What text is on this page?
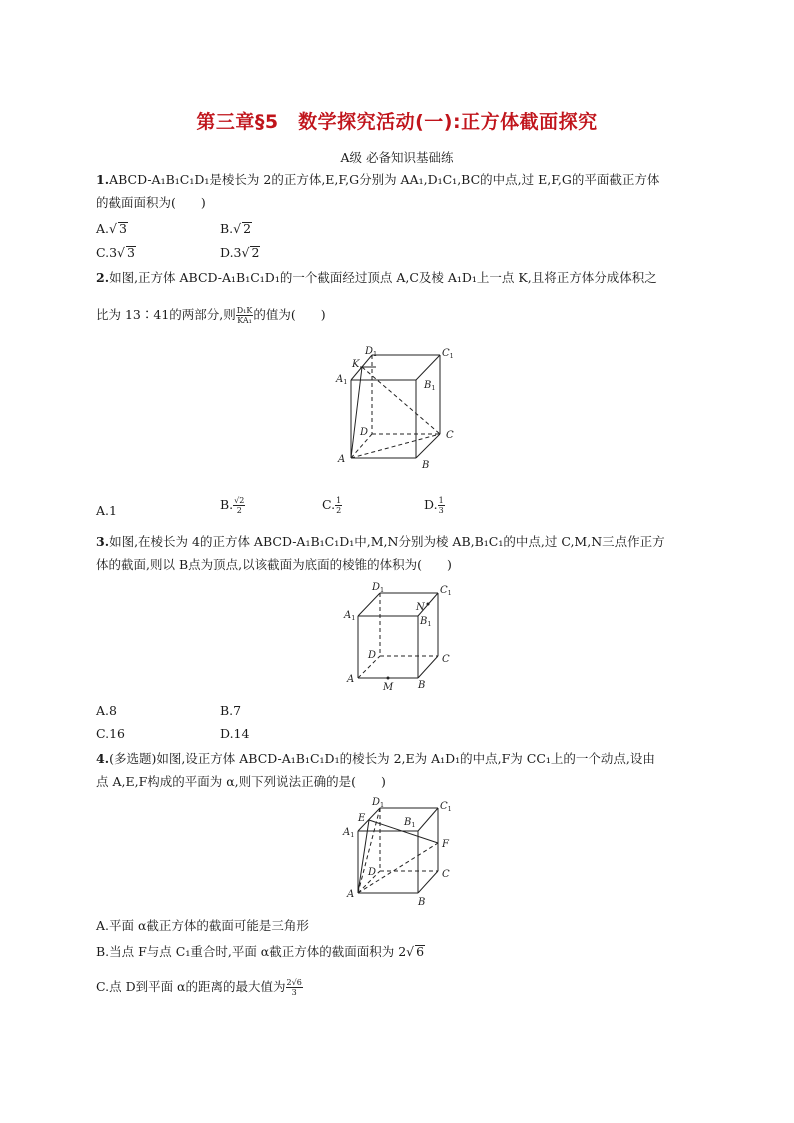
第三章§5　数学探究活动(一):正方体截面探究
A级 必备知识基础练
1.ABCD-A₁B₁C₁D₁是棱长为 2的正方体,E,F,G分别为 AA₁,D₁C₁,BC的中点,过 E,F,G的平面截正方体
的截面面积为(　　)
A.√ 3	B.√ 2
C.3√ 3	D.3√ 2
2.如图,正方体 ABCD-A₁B₁C₁D₁的一个截面经过顶点 A,C及棱 A₁D₁上一点 K,且将正方体分成体积之
比为 13∶41的两部分,则 $\frac{\text{D₁K}}{\text{KA₁}}$ 的值为(　　)
$D_1$	$C_1$
K
$A_1$	$B_1$
D	C
A
B
A.1	B. $\frac{√2}{2}$	C. $\frac{1}{2}$	D. $\frac{1}{3}$
3.如图,在棱长为 4的正方体 ABCD-A₁B₁C₁D₁中,M,N分别为棱 AB,B₁C₁的中点,过 C,M,N三点作正方
体的截面,则以 B点为顶点,以该截面为底面的棱锥的体积为(　　)
$D_1$	$C_1$
N
$A_1$	$B_1$
D	C
A
M B
A.8	B.7
C.16	D.14
4.(多选题)如图,设正方体 ABCD-A₁B₁C₁D₁的棱长为 2,E为 A₁D₁的中点,F为 CC₁上的一个动点,设由
点 A,E,F构成的平面为 α,则下列说法正确的是(　　)
$D_1$	$C_1$
E	$B_1$
$A_1$
F
D	C
A
B
A.平面 α截正方体的截面可能是三角形
B.当点 F与点 C₁重合时,平面 α截正方体的截面面积为 2√ 6
C.点 D到平面 α的距离的最大值为 $\frac{2√6}{3}$
